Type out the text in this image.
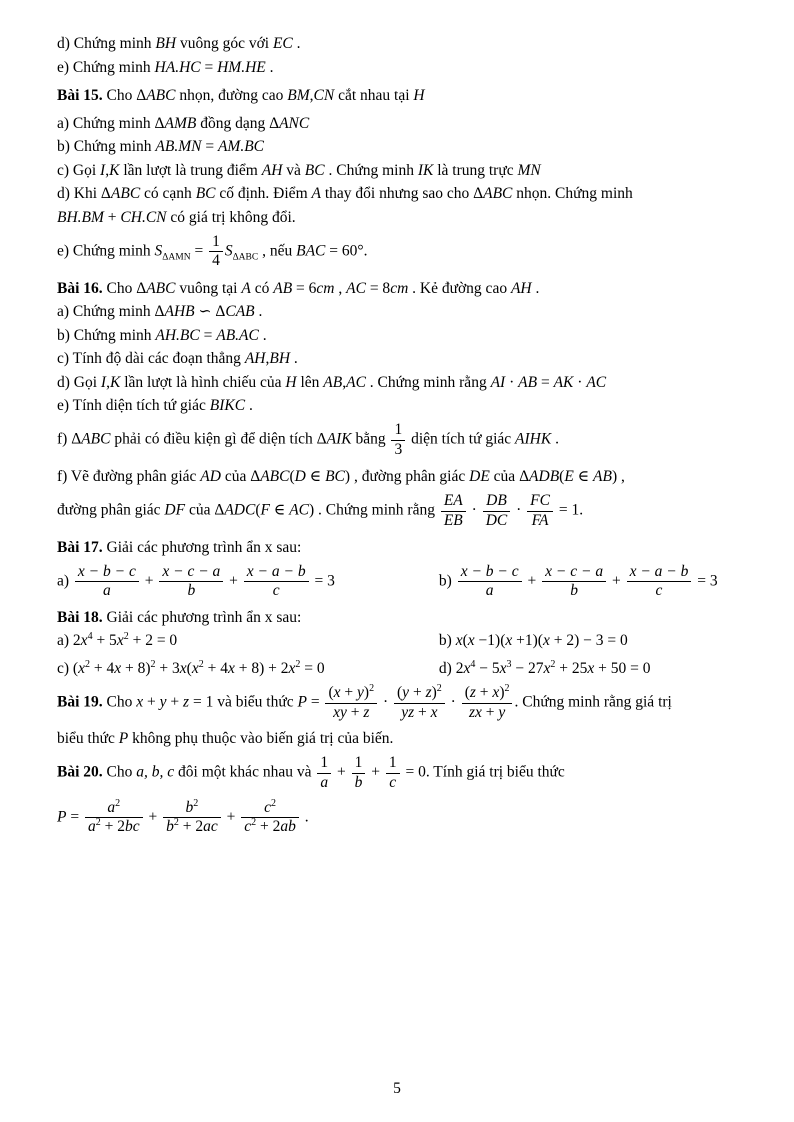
d) Chứng minh BH vuông góc với EC .
e) Chứng minh HA.HC = HM.HE .
Bài 15. Cho ΔABC nhọn, đường cao BM,CN cắt nhau tại H
a) Chứng minh ΔAMB đồng dạng ΔANC
b) Chứng minh AB.MN = AM.BC
c) Gọi I,K lần lượt là trung điểm AH và BC . Chứng minh IK là trung trực MN
d) Khi ΔABC có cạnh BC cố định. Điểm A thay đổi nhưng sao cho ΔABC nhọn. Chứng minh
BH.BM + CH.CN có giá trị không đổi.
e) Chứng minh $S_{\Delta AMN} = \frac{1}{4} S_{\Delta ABC}$ , nếu BAC = 60°.
Bài 16. Cho ΔABC vuông tại A có AB = 6cm , AC = 8cm . Kẻ đường cao AH .
a) Chứng minh ΔAHB ∽ ΔCAB .
b) Chứng minh AH.BC = AB.AC .
c) Tính độ dài các đoạn thẳng AH,BH .
d) Gọi I,K lần lượt là hình chiếu của H lên AB,AC . Chứng minh rằng AI · AB = AK · AC
e) Tính diện tích tứ giác BIKC .
f) ΔABC phải có điều kiện gì để diện tích ΔAIK bằng $\frac{1}{3}$ diện tích tứ giác AIHK .
f) Vẽ đường phân giác AD của ΔABC(D ∈ BC) , đường phân giác DE của ΔADB(E ∈ AB) ,
đường phân giác DF của ΔADC(F ∈ AC) . Chứng minh rằng $\frac{EA}{EB} \cdot \frac{DB}{DC} \cdot \frac{FC}{FA} = 1$.
Bài 17. Giải các phương trình ẩn x sau:
$a) \frac{x - b - c}{a} + \frac{x - c - a}{b} + \frac{x - a - b}{c} = 3$	$b) \frac{x - b - c}{a} + \frac{x - c - a}{b} + \frac{x - a - b}{c} = 3$
Bài 18. Giải các phương trình ẩn x sau:
a) $2x^4 + 5x^2 + 2 = 0$	b) x(x −1)(x +1)(x + 2) − 3 = 0
c) $(x^2 + 4x + 8)^2 + 3x(x^2 + 4x + 8) + 2x^2 = 0$	d) $2x^4 - 5x^3 - 27x^2 + 25x + 50 = 0$
Bài 19. Cho x + y + z = 1 và biểu thức $P = \frac{(x + y)^2}{xy + z} \cdot \frac{(y + z)^2}{yz + x} \cdot \frac{(z + x)^2}{zx + y}$ . Chứng minh rằng giá trị
biểu thức P không phụ thuộc vào biến giá trị của biến.
Bài 20. Cho a, b, c đôi một khác nhau và $\frac{1}{a} + \frac{1}{b} + \frac{1}{c} = 0$. Tính giá trị biểu thức
$P = \frac{a^2}{a^2 + 2bc} + \frac{b^2}{b^2 + 2ac} + \frac{c^2}{c^2 + 2ab}$ .
5
